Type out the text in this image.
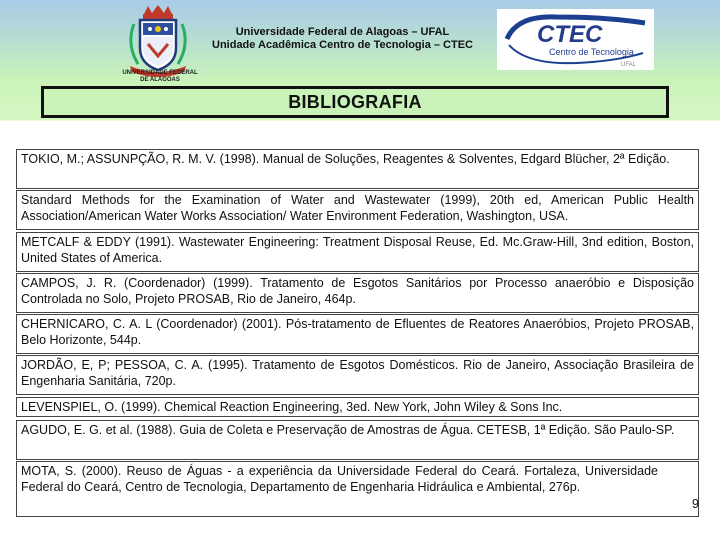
UNIVERSIDADE FEDERAL
DE ALAGOAS
Universidade Federal de Alagoas – UFAL
Unidade Acadêmica Centro de Tecnologia – CTEC	CTEC
Centro de Tecnologia
UFAL
BIBLIOGRAFIA
TOKIO, M.; ASSUNPÇÃO, R. M. V. (1998). Manual de Soluções, Reagentes & Solventes, Edgard Blücher, 2ª Edição.
Standard Methods for the Examination of Water and Wastewater (1999), 20th ed, American Public Health Association/American Water Works Association/ Water Environment Federation, Washington, USA.
METCALF & EDDY (1991). Wastewater Engineering: Treatment Disposal Reuse, Ed. Mc.Graw-Hill, 3nd edition, Boston, United States of America.
CAMPOS, J. R. (Coordenador) (1999). Tratamento de Esgotos Sanitários por Processo anaeróbio e Disposição Controlada no Solo, Projeto PROSAB, Rio de Janeiro, 464p.
CHERNICARO, C. A. L (Coordenador) (2001). Pós-tratamento de Efluentes de Reatores Anaeróbios, Projeto PROSAB, Belo Horizonte, 544p.
JORDÃO, E, P; PESSOA, C. A. (1995). Tratamento de Esgotos Domésticos. Rio de Janeiro, Associação Brasileira de Engenharia Sanitária, 720p.
LEVENSPIEL, O. (1999). Chemical Reaction Engineering, 3ed. New York, John Wiley & Sons Inc.
AGUDO, E. G. et al. (1988). Guia de Coleta e Preservação de Amostras de Água. CETESB, 1ª Edição. São Paulo-SP.
MOTA, S. (2000). Reuso de Águas - a experiência da Universidade Federal do Ceará. Fortaleza, Universidade Federal do Ceará, Centro de Tecnologia, Departamento de Engenharia Hidráulica e Ambiental, 276p.
9
